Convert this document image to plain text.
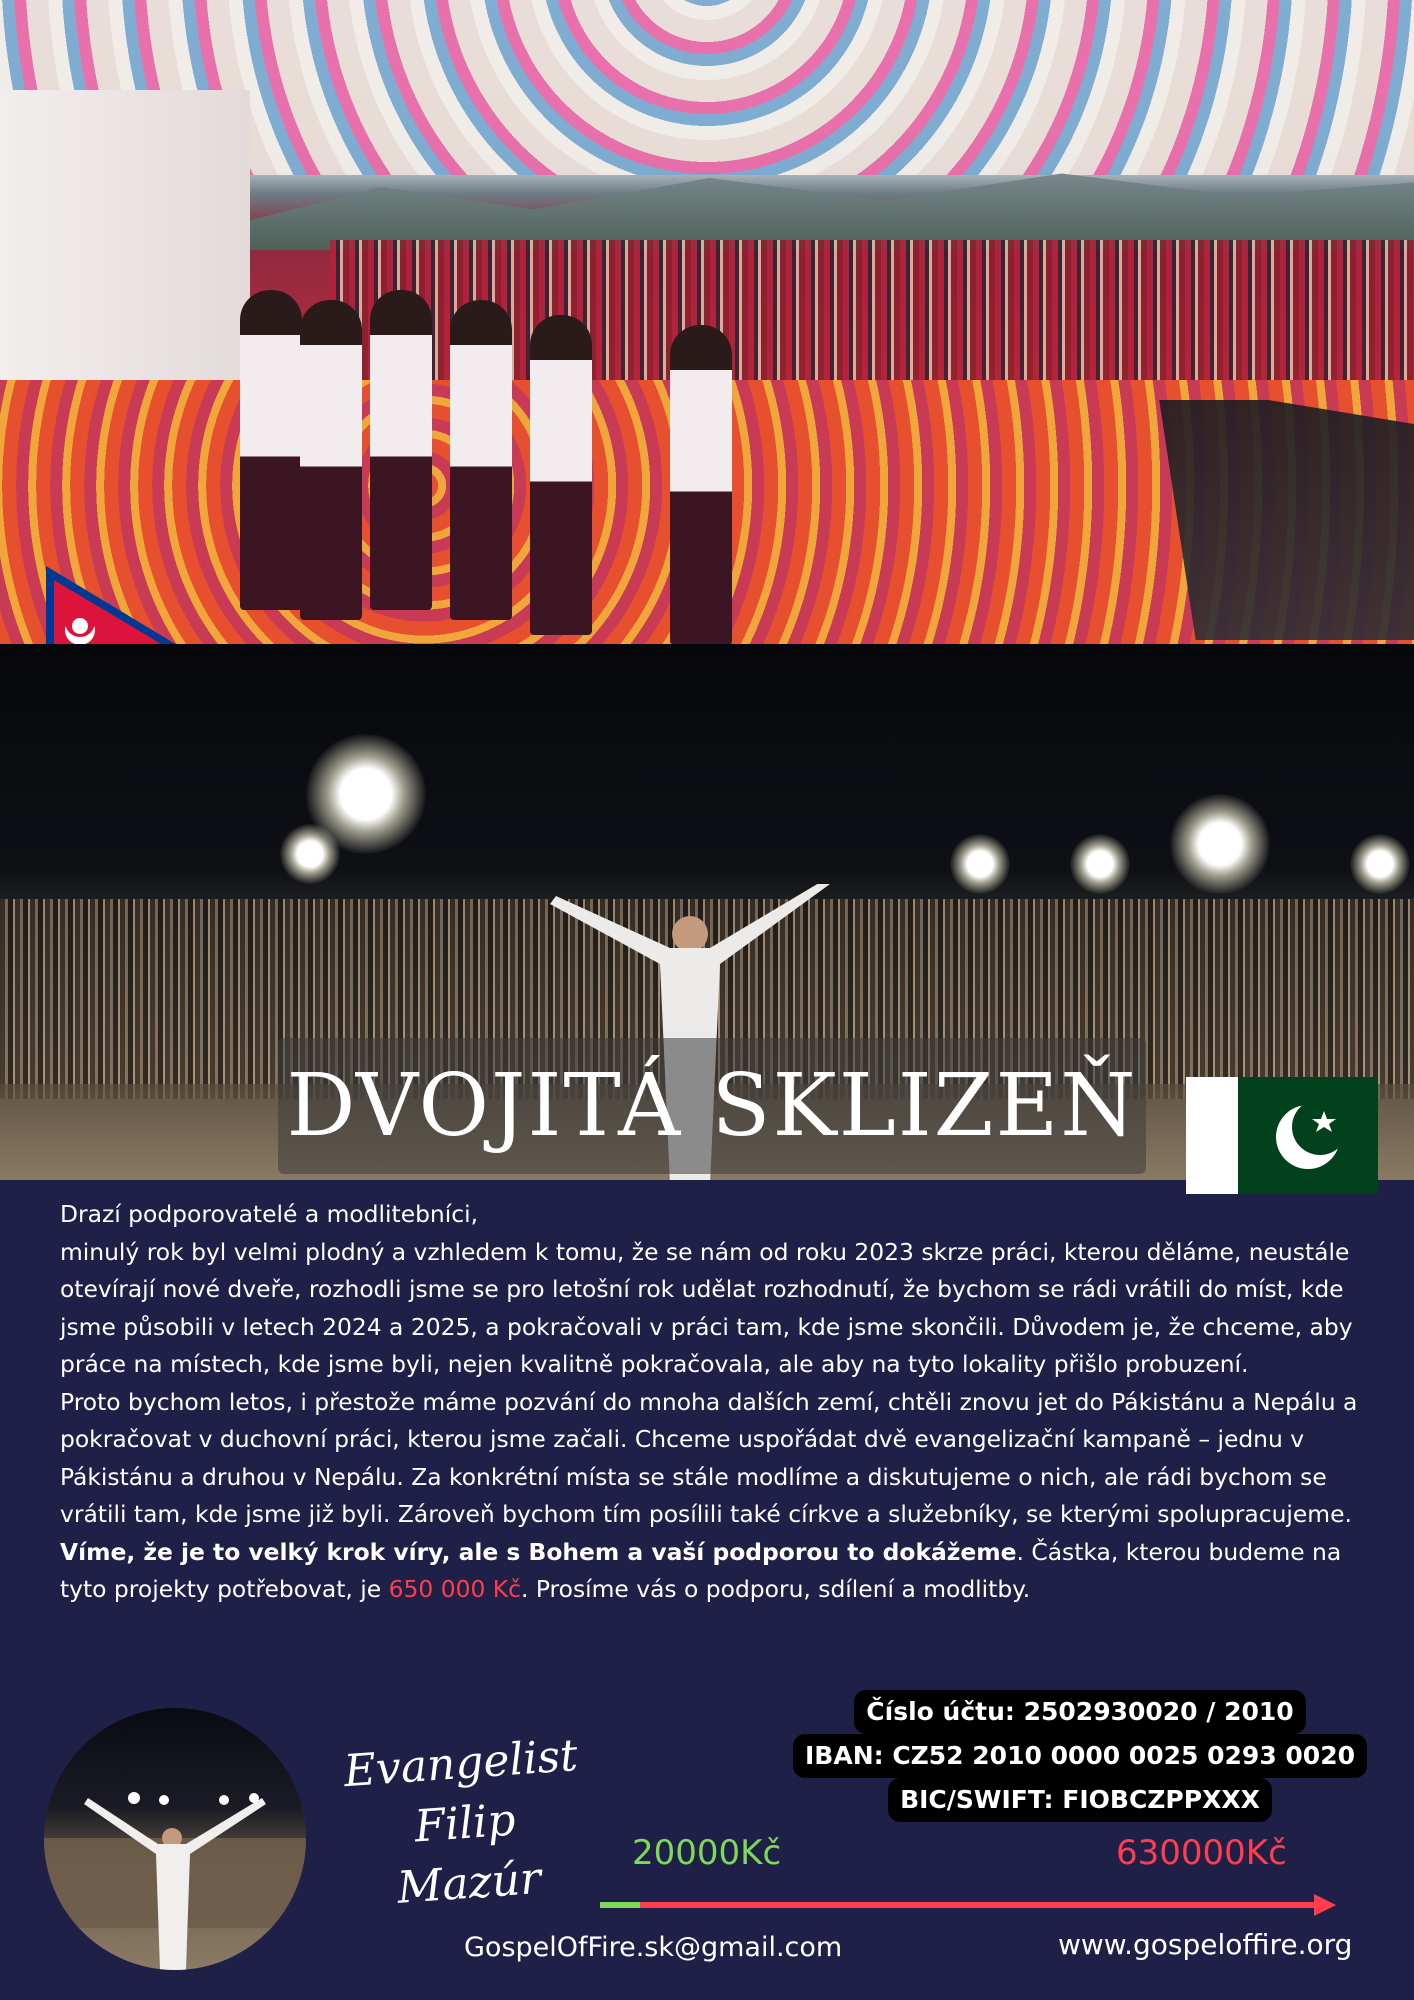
DVOJITÁ SKLIZEŇ

Drazí podporovatelé a modlitebníci,

minulý rok byl velmi plodný a vzhledem k tomu, že se nám od roku 2023 skrze práci, kterou děláme, neustále otevírají nové dveře, rozhodli jsme se pro letošní rok udělat rozhodnutí, že bychom se rádi vrátili do míst, kde jsme působili v letech 2024 a 2025, a pokračovali v práci tam, kde jsme skončili. Důvodem je, že chceme, aby práce na místech, kde jsme byli, nejen kvalitně pokračovala, ale aby na tyto lokality přišlo probuzení.

Proto bychom letos, i přestože máme pozvání do mnoha dalších zemí, chtěli znovu jet do Pákistánu a Nepálu a pokračovat v duchovní práci, kterou jsme začali. Chceme uspořádat dvě evangelizační kampaně – jednu v Pákistánu a druhou v Nepálu. Za konkrétní místa se stále modlíme a diskutujeme o nich, ale rádi bychom se vrátili tam, kde jsme již byli. Zároveň bychom tím posílili také církve a služebníky, se kterými spolupracujeme.

Víme, že je to velký krok víry, ale s Bohem a vaší podporou to dokážeme. Částka, kterou budeme na tyto projekty potřebovat, je 650 000 Kč. Prosíme vás o podporu, sdílení a modlitby.

Evangelist Filip
Mazúr
Číslo účtu: 2502930020 / 2010
IBAN: CZ52 2010 0000 0025 0293 0020
BIC/SWIFT: FIOBCZPPXXX
20000Kč	630000Kč
GospelOfFire.sk@gmail.com	www.gospeloffire.org
